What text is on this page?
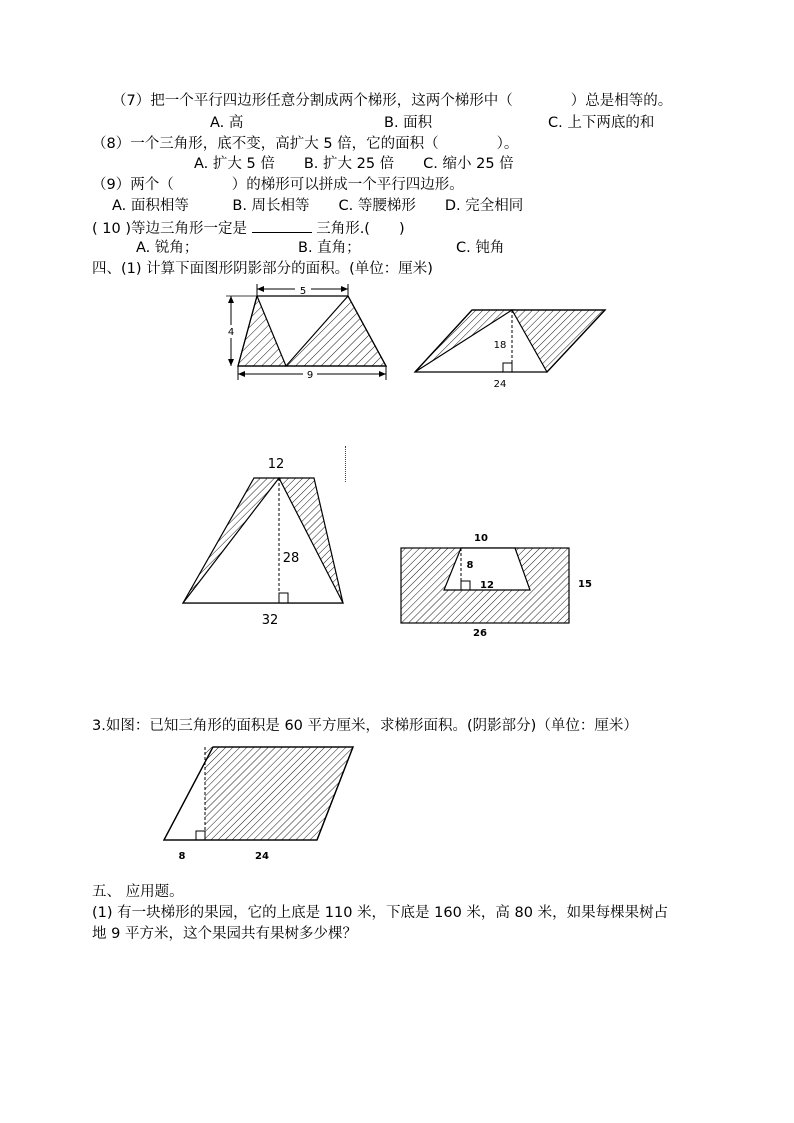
（7）把一个平行四边形任意分割成两个梯形，这两个梯形中（　　　　）总是相等的。
A. 高	B. 面积	C. 上下两底的和
（8）一个三角形，底不变，高扩大 5 倍，它的面积（　　　　）。
A. 扩大 5 倍　　B. 扩大 25 倍　　C. 缩小 25 倍
（9）两个（　　　　）的梯形可以拼成一个平行四边形。
A. 面积相等　　　B. 周长相等　　C. 等腰梯形　　D. 完全相同
( 10 )等边三角形一定是	三角形.(　　)
A. 锐角；	B. 直角；	C. 钝角
四、(1) 计算下面图形阴影部分的面积。(单位：厘米)
5
4
9
18
24
12
28
32
10
8
12	15
26
3.如图：已知三角形的面积是 60 平方厘米，求梯形面积。(阴影部分)（单位：厘米）
8	24
五、 应用题。
(1) 有一块梯形的果园，它的上底是 110 米，下底是 160 米，高 80 米，如果每棵果树占
地 9 平方米，这个果园共有果树多少棵？
